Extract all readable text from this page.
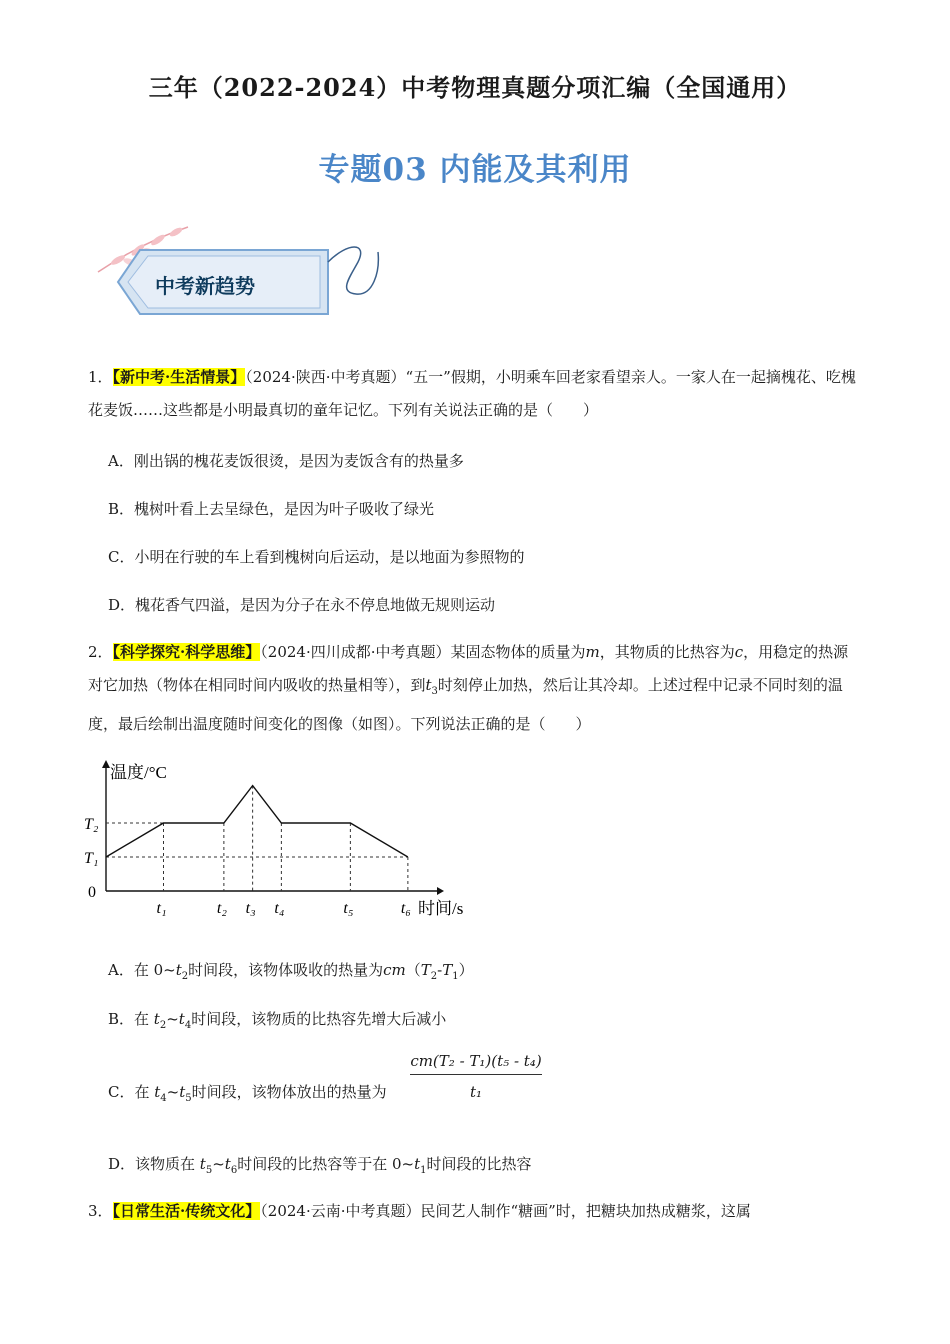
三年（2022-2024）中考物理真题分项汇编（全国通用）
专题03 内能及其利用
中考新趋势
1．【新中考·生活情景】（2024·陕西·中考真题）“五一”假期，小明乘车回老家看望亲人。一家人在一起摘槐花、吃槐花麦饭……这些都是小明最真切的童年记忆。下列有关说法正确的是（　　）
A．刚出锅的槐花麦饭很烫，是因为麦饭含有的热量多
B．槐树叶看上去呈绿色，是因为叶子吸收了绿光
C．小明在行驶的车上看到槐树向后运动，是以地面为参照物的
D．槐花香气四溢，是因为分子在永不停息地做无规则运动
2．【科学探究·科学思维】（2024·四川成都·中考真题）某固态物体的质量为m，其物质的比热容为c，用稳定的热源对它加热（物体在相同时间内吸收的热量相等），到$t_3$时刻停止加热，然后让其冷却。上述过程中记录不同时刻的温度，最后绘制出温度随时间变化的图像（如图）。下列说法正确的是（　　）
温度/°C
时间/s
0
T₂
T₁
t₁	t₂ t₃ t₄	t₅	t₆
A．在 $0\sim t_2$时间段，该物体吸收的热量为$cm(T_2-T_1)$
B．在 $t_2\sim t_4$时间段，该物质的比热容先增大后减小
C．在 $t_4\sim t_5$时间段，该物体放出的热量为 $\frac{\text{cm(T₂ - T₁)(t₅ - t₄)}}{\text{t₁}}$
D．该物质在 $t_5\sim t_6$时间段的比热容等于在 $0\sim t_1$时间段的比热容
3．【日常生活·传统文化】（2024·云南·中考真题）民间艺人制作“糖画”时，把糖块加热成糖浆，这属
